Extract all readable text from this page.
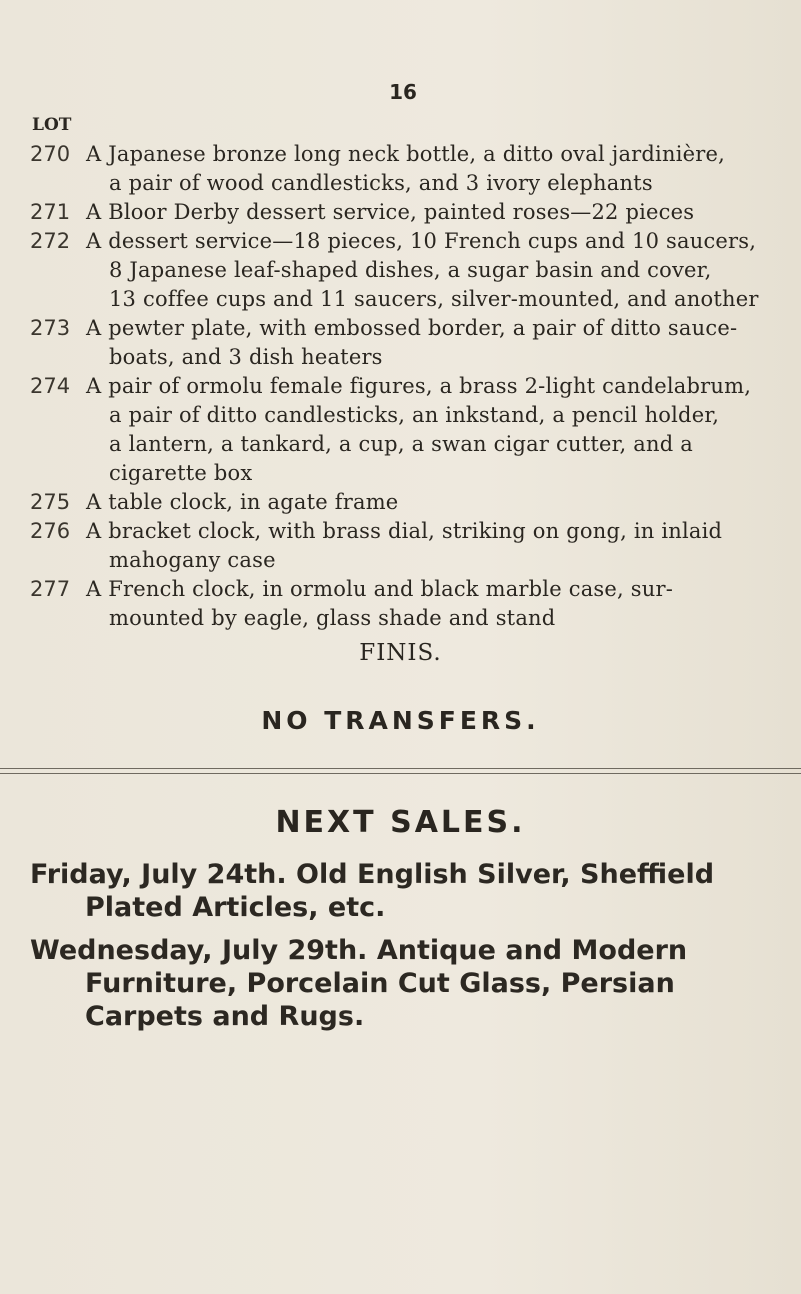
16
LOT
270 A Japanese bronze long neck bottle, a ditto oval jardinière,
a pair of wood candlesticks, and 3 ivory elephants
271 A Bloor Derby dessert service, painted roses—22 pieces
272 A dessert service—18 pieces, 10 French cups and 10 saucers,
8 Japanese leaf-shaped dishes, a sugar basin and cover,
13 coffee cups and 11 saucers, silver-mounted, and another
273 A pewter plate, with embossed border, a pair of ditto sauce-
boats, and 3 dish heaters
274 A pair of ormolu female figures, a brass 2-light candelabrum,
a pair of ditto candlesticks, an inkstand, a pencil holder,
a lantern, a tankard, a cup, a swan cigar cutter, and a
cigarette box
275 A table clock, in agate frame
276 A bracket clock, with brass dial, striking on gong, in inlaid
mahogany case
277 A French clock, in ormolu and black marble case, sur-
mounted by eagle, glass shade and stand
FINIS.
NO TRANSFERS.
NEXT SALES.
Friday, July 24th. Old English Silver, Sheffield
Plated Articles, etc.
Wednesday, July 29th. Antique and Modern
Furniture, Porcelain Cut Glass, Persian
Carpets and Rugs.
